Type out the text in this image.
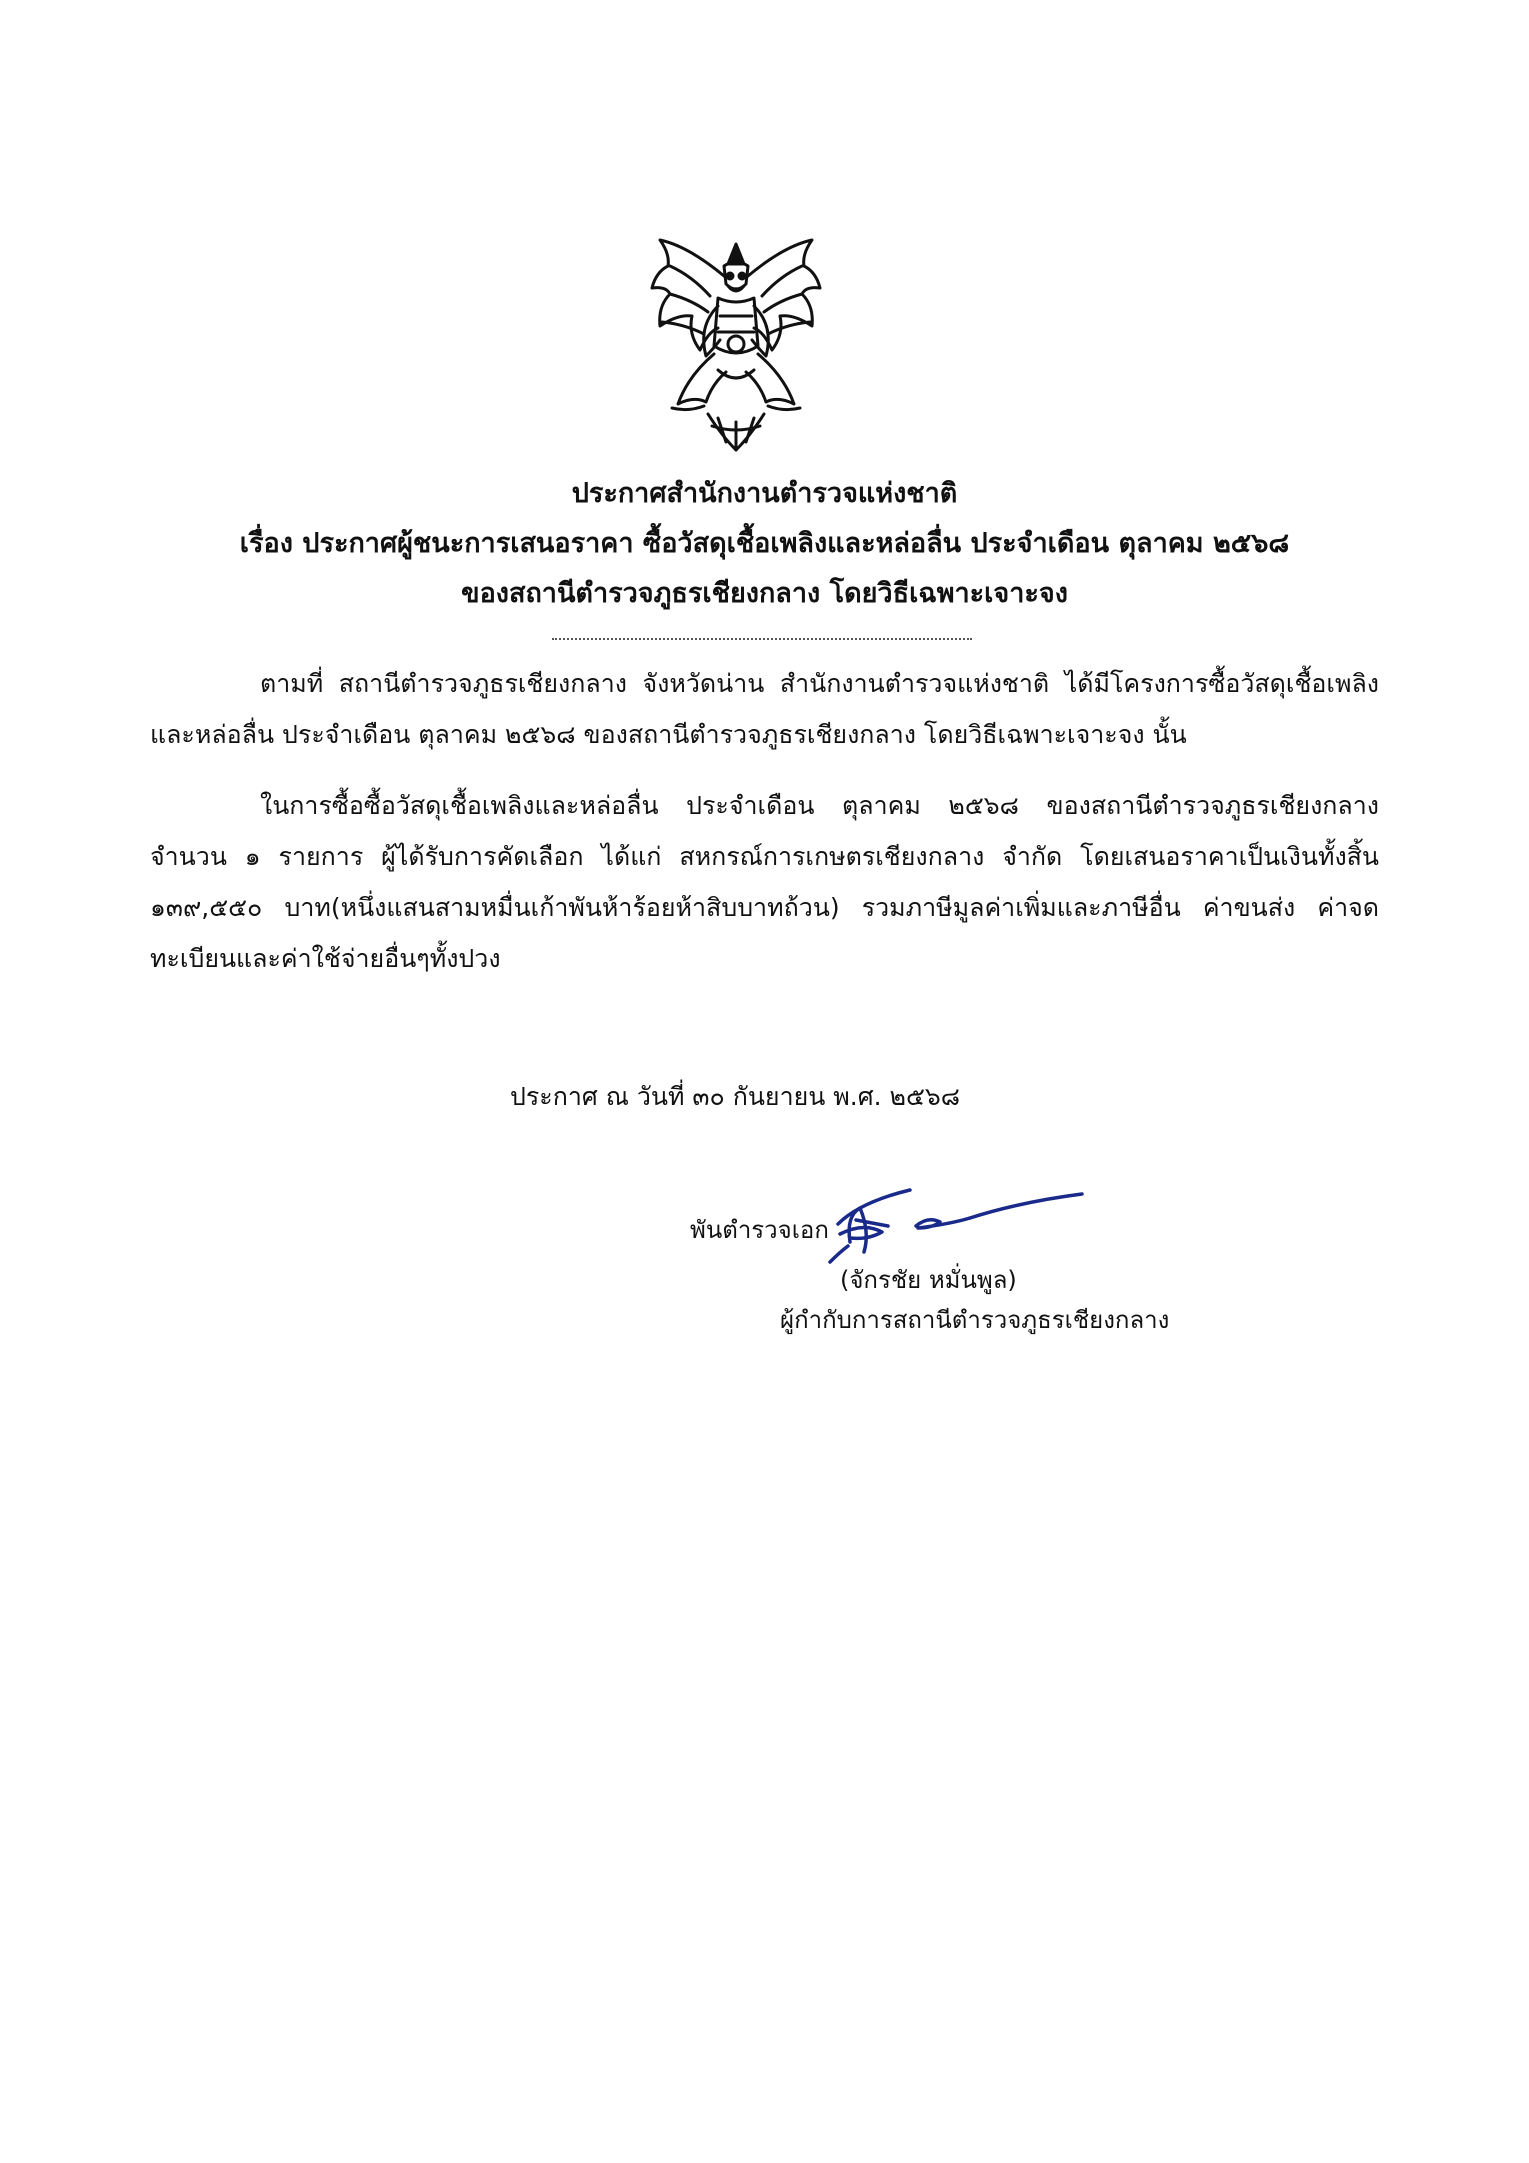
ประกาศสำนักงานตำรวจแห่งชาติ
เรื่อง ประกาศผู้ชนะการเสนอราคา ซื้อวัสดุเชื้อเพลิงและหล่อลื่น ประจำเดือน ตุลาคม ๒๕๖๘
ของสถานีตำรวจภูธรเชียงกลาง โดยวิธีเฉพาะเจาะจง

ตามที่ สถานีตำรวจภูธรเชียงกลาง จังหวัดน่าน สำนักงานตำรวจแห่งชาติ ได้มีโครงการซื้อวัสดุเชื้อเพลิงและหล่อลื่น ประจำเดือน ตุลาคม ๒๕๖๘ ของสถานีตำรวจภูธรเชียงกลาง โดยวิธีเฉพาะเจาะจง นั้น

ในการซื้อซื้อวัสดุเชื้อเพลิงและหล่อลื่น ประจำเดือน ตุลาคม ๒๕๖๘ ของสถานีตำรวจภูธรเชียงกลาง จำนวน ๑ รายการ ผู้ได้รับการคัดเลือก ได้แก่ สหกรณ์การเกษตรเชียงกลาง จำกัด โดยเสนอราคาเป็นเงินทั้งสิ้น ๑๓๙,๕๕๐ บาท(หนึ่งแสนสามหมื่นเก้าพันห้าร้อยห้าสิบบาทถ้วน) รวมภาษีมูลค่าเพิ่มและภาษีอื่น ค่าขนส่ง ค่าจดทะเบียนและค่าใช้จ่ายอื่นๆทั้งปวง

ประกาศ ณ วันที่ ๓๐ กันยายน พ.ศ. ๒๕๖๘
พันตำรวจเอก
(จักรชัย หมั่นพูล)
ผู้กำกับการสถานีตำรวจภูธรเชียงกลาง
